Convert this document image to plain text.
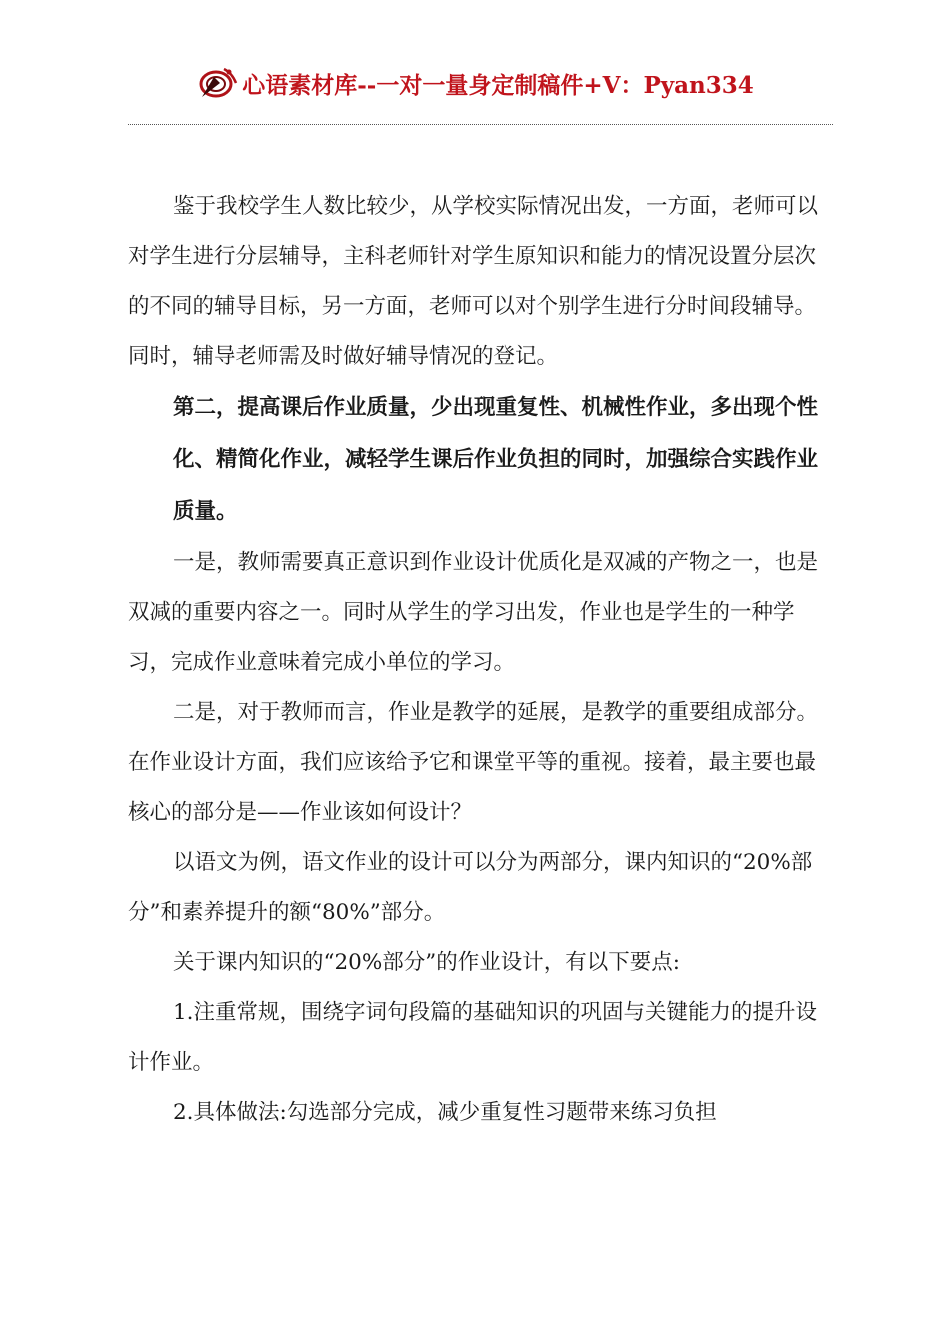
心语素材库--一对一量身定制稿件+V：Pyan334

鉴于我校学生人数比较少，从学校实际情况出发，一方面，老师可以对学生进行分层辅导，主科老师针对学生原知识和能力的情况设置分层次的不同的辅导目标，另一方面，老师可以对个别学生进行分时间段辅导。同时，辅导老师需及时做好辅导情况的登记。

第二，提高课后作业质量，少出现重复性、机械性作业，多出现个性化、精简化作业，减轻学生课后作业负担的同时，加强综合实践作业质量。

一是，教师需要真正意识到作业设计优质化是双减的产物之一，也是双减的重要内容之一。同时从学生的学习出发，作业也是学生的一种学习，完成作业意味着完成小单位的学习。

二是，对于教师而言，作业是教学的延展，是教学的重要组成部分。在作业设计方面，我们应该给予它和课堂平等的重视。接着，最主要也最核心的部分是——作业该如何设计？

以语文为例，语文作业的设计可以分为两部分，课内知识的“20%部分”和素养提升的额“80%”部分。

关于课内知识的“20%部分”的作业设计，有以下要点:

1.注重常规，围绕字词句段篇的基础知识的巩固与关键能力的提升设计作业。

2.具体做法:勾选部分完成，减少重复性习题带来练习负担
